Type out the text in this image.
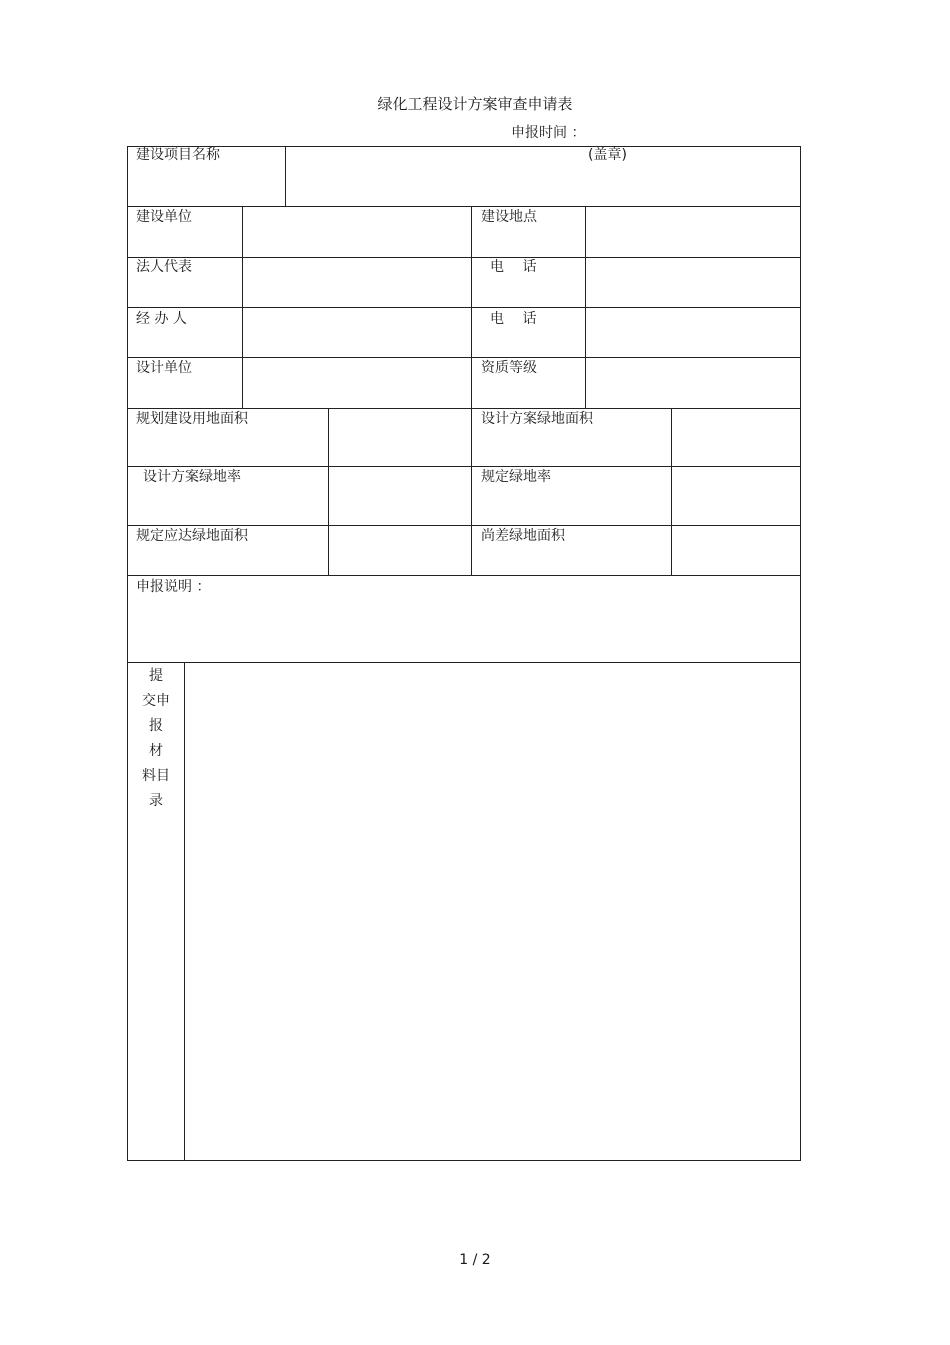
绿化工程设计方案审查申请表
申报时间 ：
建设项目名称	(盖章)
建设单位	建设地点
法人代表	电　 话
经 办 人	电　 话
设计单位	资质等级
规划建设用地面积	设计方案绿地面积
设计方案绿地率	规定绿地率
规定应达绿地面积	尚差绿地面积
申报说明 ：
提
交申
报
材
料目
录
1 / 2
